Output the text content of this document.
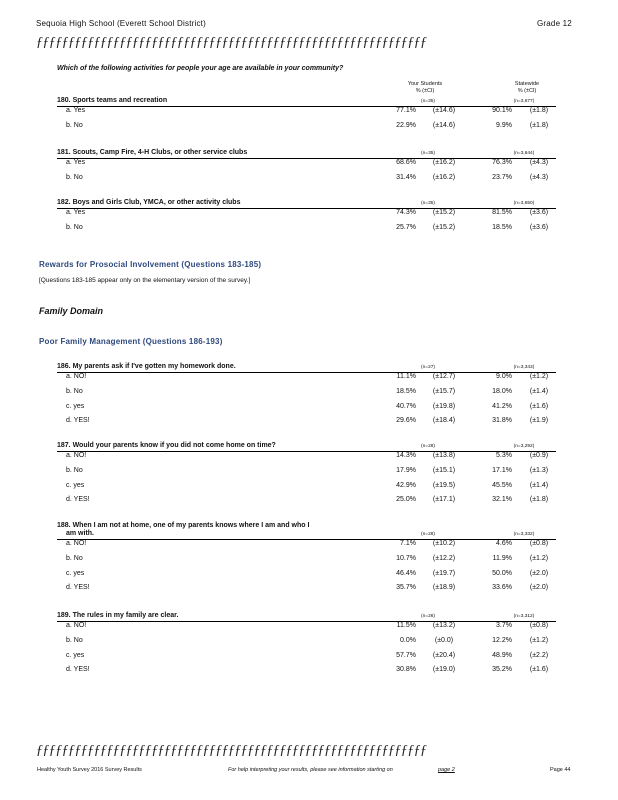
Sequoia High School (Everett School District)	Grade 12
ƒƒƒƒƒƒƒƒƒƒƒƒƒƒƒƒƒƒƒƒƒƒƒƒƒƒƒƒƒƒƒƒƒƒƒƒƒƒƒƒƒƒƒƒƒƒƒƒƒƒƒƒƒƒƒƒƒƒƒƒƒ
Which of the following activities for people your age are available in your community?
Your Students
% (±CI)
Statewide
% (±CI)
180. Sports teams and recreation	(n=35)	(n=3,677)
a. Yes	77.1%	(±14.6)	90.1%	(±1.8)
b. No	22.9%	(±14.6)	9.9%	(±1.8)
181. Scouts, Camp Fire, 4-H Clubs, or other service clubs	(n=35)	(n=3,644)
a. Yes	68.6%	(±16.2)	76.3%	(±4.3)
b. No	31.4%	(±16.2)	23.7%	(±4.3)
182. Boys and Girls Club, YMCA, or other activity clubs	(n=35)	(n=3,650)
a. Yes	74.3%	(±15.2)	81.5%	(±3.6)
b. No	25.7%	(±15.2)	18.5%	(±3.6)
Rewards for Prosocial Involvement (Questions 183-185)
[Questions 183-185 appear only on the elementary version of the survey.]
Family Domain
Poor Family Management (Questions 186-193)
186. My parents ask if I've gotten my homework done.	(n=27)	(n=3,343)
a. NO!	11.1%	(±12.7)	9.0%	(±1.2)
b. No	18.5%	(±15.7)	18.0%	(±1.4)
c. yes	40.7%	(±19.8)	41.2%	(±1.6)
d. YES!	29.6%	(±18.4)	31.8%	(±1.9)
187. Would your parents know if you did not come home on time?	(n=28)	(n=3,292)
a. NO!	14.3%	(±13.8)	5.3%	(±0.9)
b. No	17.9%	(±15.1)	17.1%	(±1.3)
c. yes	42.9%	(±19.5)	45.5%	(±1.4)
d. YES!	25.0%	(±17.1)	32.1%	(±1.8)
188. When I am not at home, one of my parents knows where I am and who I
am with.	(n=28)	(n=3,332)
a. NO!	7.1%	(±10.2)	4.6%	(±0.8)
b. No	10.7%	(±12.2)	11.9%	(±1.2)
c. yes	46.4%	(±19.7)	50.0%	(±2.0)
d. YES!	35.7%	(±18.9)	33.6%	(±2.0)
189. The rules in my family are clear.	(n=26)	(n=3,312)
a. NO!	11.5%	(±13.2)	3.7%	(±0.8)
b. No	0.0%	(±0.0)	12.2%	(±1.2)
c. yes	57.7%	(±20.4)	48.9%	(±2.2)
d. YES!	30.8%	(±19.0)	35.2%	(±1.6)
ƒƒƒƒƒƒƒƒƒƒƒƒƒƒƒƒƒƒƒƒƒƒƒƒƒƒƒƒƒƒƒƒƒƒƒƒƒƒƒƒƒƒƒƒƒƒƒƒƒƒƒƒƒƒƒƒƒƒƒƒƒ
Healthy Youth Survey 2016 Survey Results	For help interpreting your results, please see information starting on	page 2	Page 44
